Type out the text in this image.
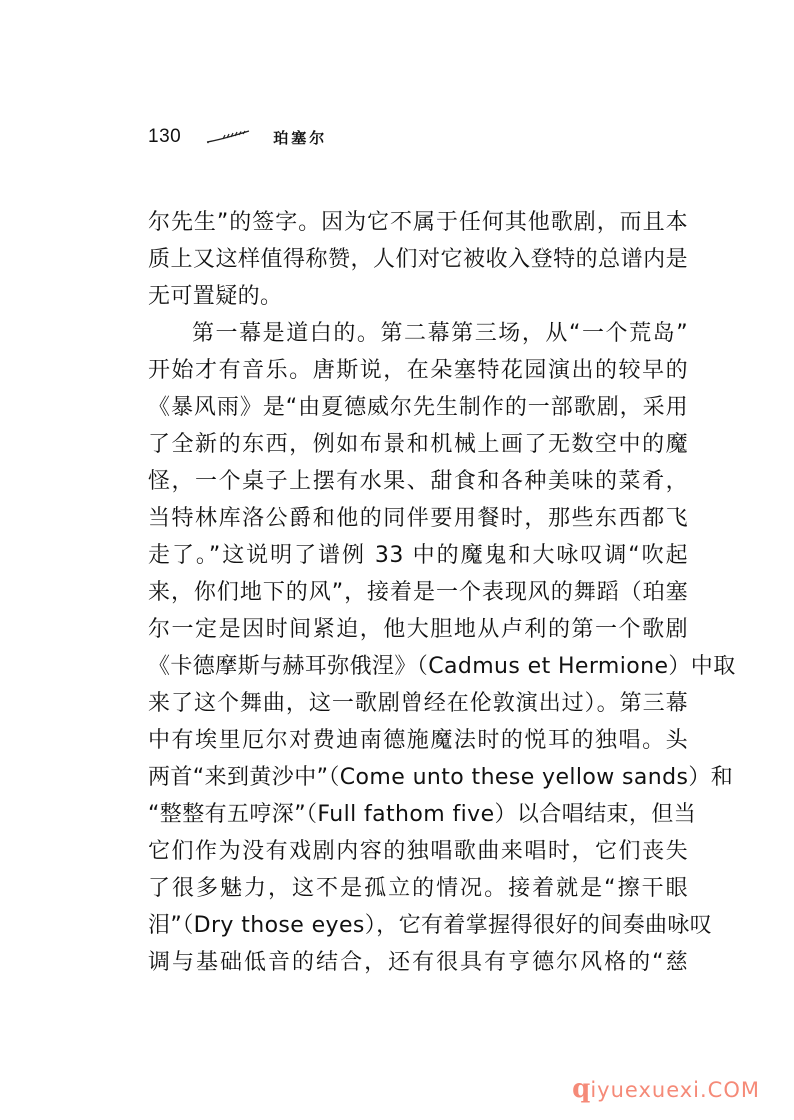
130	珀塞尔
尔先生”的签字。因为它不属于任何其他歌剧，而且本
质上又这样值得称赞，人们对它被收入登特的总谱内是
无可置疑的。
第一幕是道白的。第二幕第三场，从“一个荒岛”
开始才有音乐。唐斯说，在朵塞特花园演出的较早的
《暴风雨》是“由夏德威尔先生制作的一部歌剧，采用
了全新的东西，例如布景和机械上画了无数空中的魔
怪，一个桌子上摆有水果、甜食和各种美味的菜肴，
当特林库洛公爵和他的同伴要用餐时，那些东西都飞
走了。”这说明了谱例 33 中的魔鬼和大咏叹调“吹起
来，你们地下的风”，接着是一个表现风的舞蹈（珀塞
尔一定是因时间紧迫，他大胆地从卢利的第一个歌剧
《卡德摩斯与赫耳弥俄涅》（Cadmus et Hermione）中取
来了这个舞曲，这一歌剧曾经在伦敦演出过）。第三幕
中有埃里厄尔对费迪南德施魔法时的悦耳的独唱。头
两首“来到黄沙中”（Come unto these yellow sands）和
“整整有五哼深”（Full fathom five）以合唱结束，但当
它们作为没有戏剧内容的独唱歌曲来唱时，它们丧失
了很多魅力，这不是孤立的情况。接着就是“擦干眼
泪”（Dry those eyes），它有着掌握得很好的间奏曲咏叹
调与基础低音的结合，还有很具有亨德尔风格的“慈
q iyuexuexi.COM
